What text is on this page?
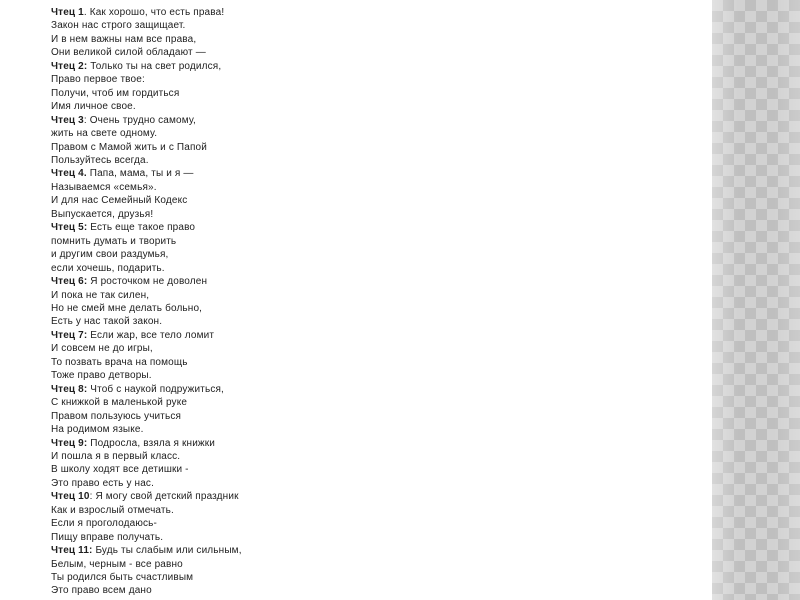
Чтец 1. Как хорошо, что есть права!
Закон нас строго защищает.
И в нем важны нам все права,
Они великой силой обладают —
Чтец 2: Только ты на свет родился,
Право первое твое:
Получи, чтоб им гордиться
Имя личное свое.
Чтец 3: Очень трудно самому,
жить на свете одному.
Правом с Мамой жить и с Папой
Пользуйтесь всегда.
Чтец 4. Папа, мама, ты и я —
Называемся «семья».
И для нас Семейный Кодекс
Выпускается, друзья!
Чтец 5: Есть еще такое право
помнить думать и творить
и другим свои раздумья,
если хочешь, подарить.
Чтец 6: Я росточком не доволен
И пока не так силен,
Но не смей мне делать больно,
Есть у нас такой закон.
Чтец 7: Если жар, все тело ломит
И совсем не до игры,
То позвать врача на помощь
Тоже право детворы.
Чтец 8: Чтоб с наукой подружиться,
С книжкой в маленькой руке
Правом пользуюсь учиться
На родимом языке.
Чтец 9: Подросла, взяла я книжки
И пошла я в первый класс.
В школу ходят все детишки -
Это право есть у нас.
Чтец 10: Я могу свой детский праздник
Как и взрослый отмечать.
Если я проголодаюсь-
Пищу вправе получать.
Чтец 11: Будь ты слабым или сильным,
Белым, черным - все равно
Ты родился быть счастливым
Это право всем дано
